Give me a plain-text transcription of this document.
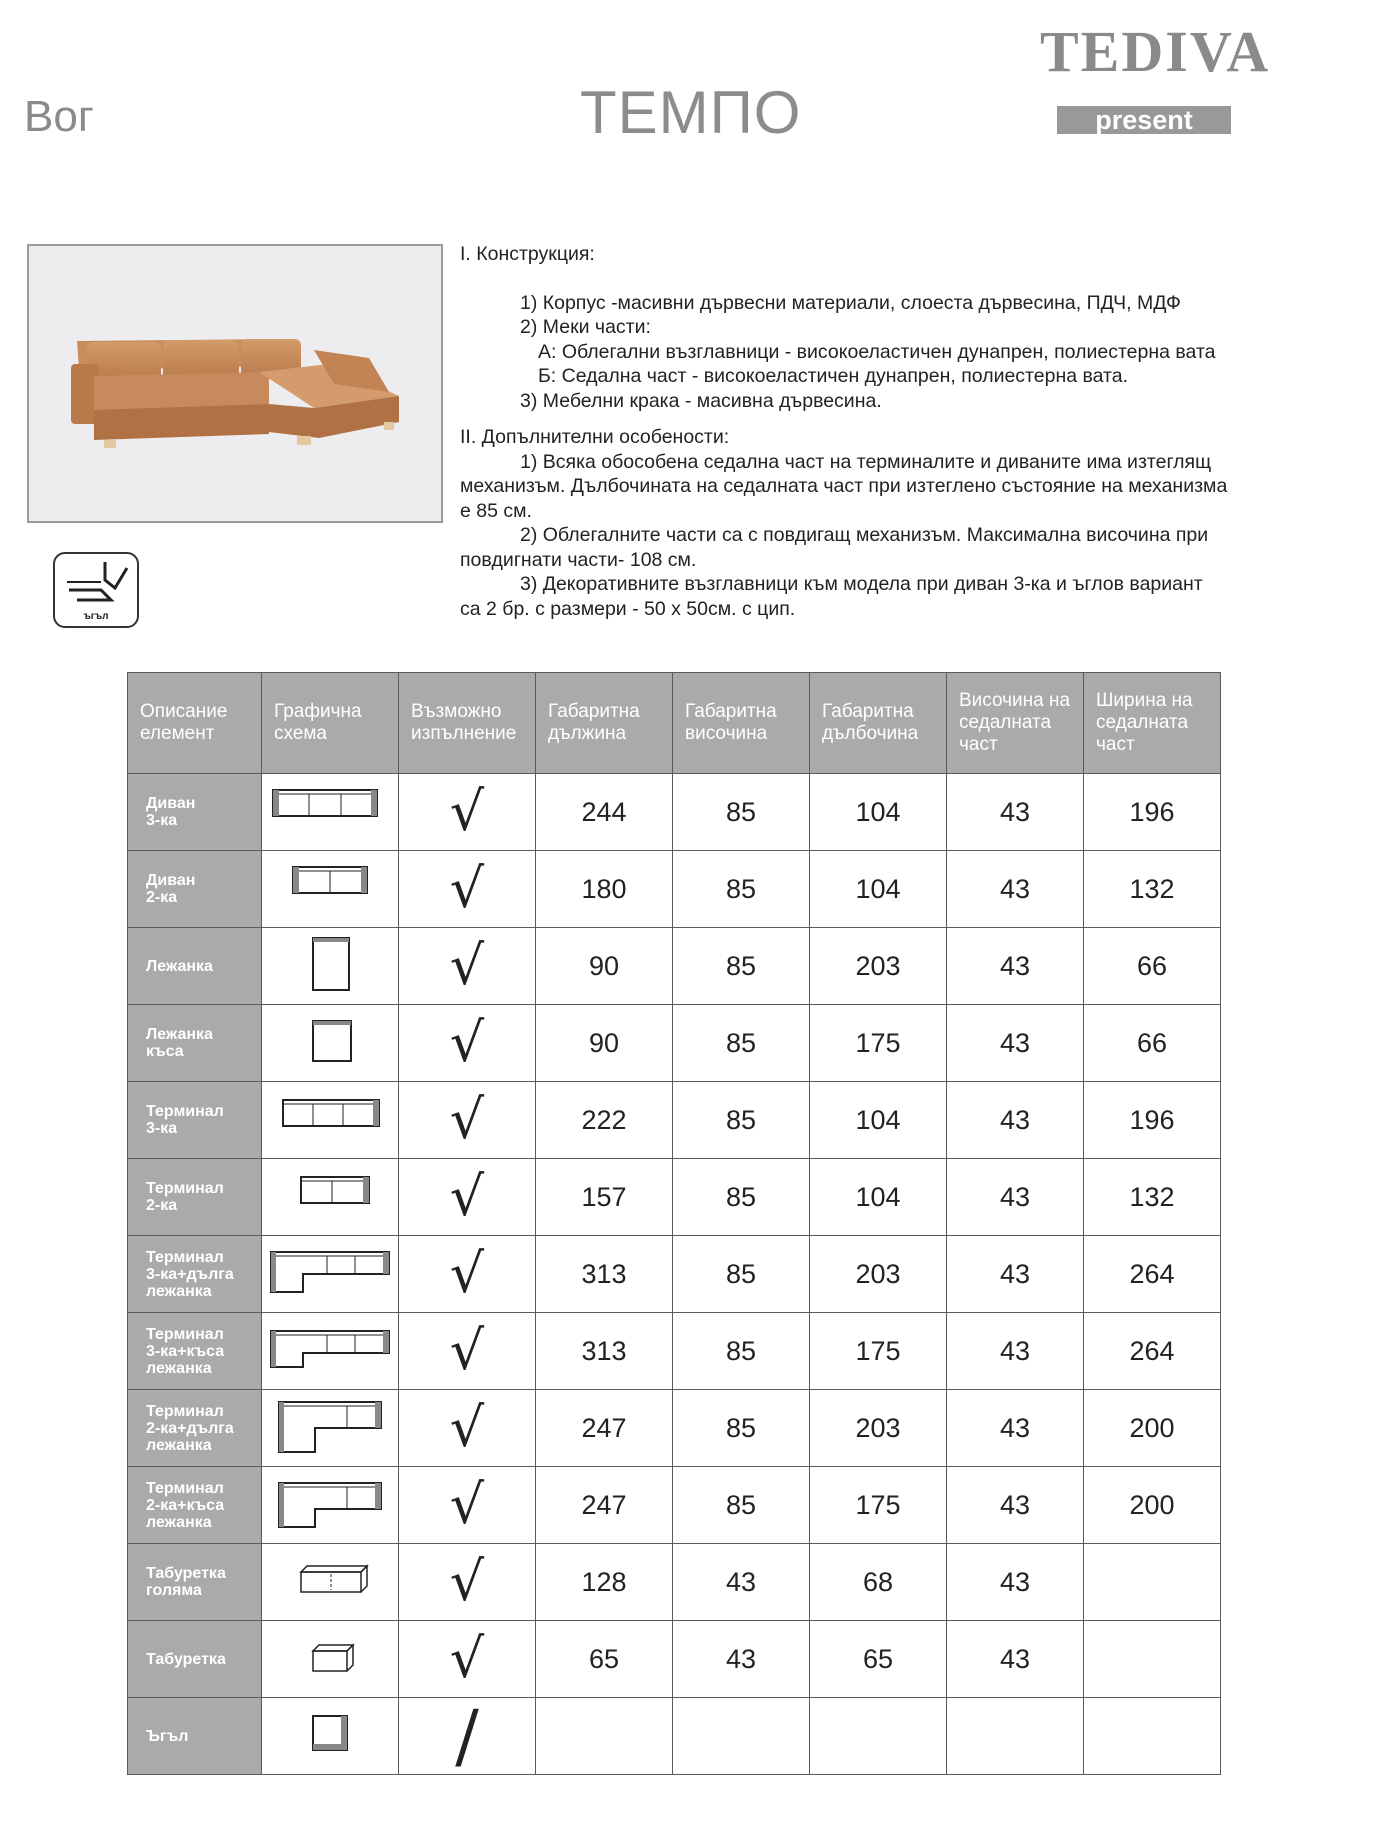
Вог	ТЕМПО
TEDIVA
present
ъгъл

I. Конструкция:

1) Корпус -масивни дървесни материали, слоеста дървесина, ПДЧ, МДФ

2) Меки части:

А: Облегални възглавници - високоеластичен дунапрен, полиестерна вата

Б: Седална част - високоеластичен дунапрен, полиестерна вата.

3) Мебелни крака - масивна дървесина.

II. Допълнителни особености:

1) Всяка обособена седална част на терминалите и диваните има изтеглящ

механизъм. Дълбочината на седалната част при изтеглено състояние на механизма

е 85 см.

2) Облегалните части са с повдигащ механизъм. Максимална височина при

повдигнати части- 108 см.

3) Декоративните възглавници към модела при диван 3-ка и ъглов вариант

са 2 бр. с размери - 50 х 50см. с цип.

Описание
елемент	Графична
схема	Възможно
изпълнение	Габаритна
дължина	Габаритна
височина	Габаритна
дълбочина	Височина на
седалната
част	Ширина на
седалната
част
Диван
3-ка		√	244	85	104	43	196
Диван
2-ка		√	180	85	104	43	132
Лежанка		√	90	85	203	43	66
Лежанка
къса		√	90	85	175	43	66
Терминал
3-ка		√	222	85	104	43	196
Терминал
2-ка		√	157	85	104	43	132
Терминал
3-ка+дълга
лежанка		√	313	85	203	43	264
Терминал
3-ка+къса
лежанка		√	313	85	175	43	264
Терминал
2-ка+дълга
лежанка		√	247	85	203	43	200
Терминал
2-ка+къса
лежанка		√	247	85	175	43	200
Табуретка
голяма		√	128	43	68	43	
Табуретка		√	65	43	65	43	
Ъгъл		/					
